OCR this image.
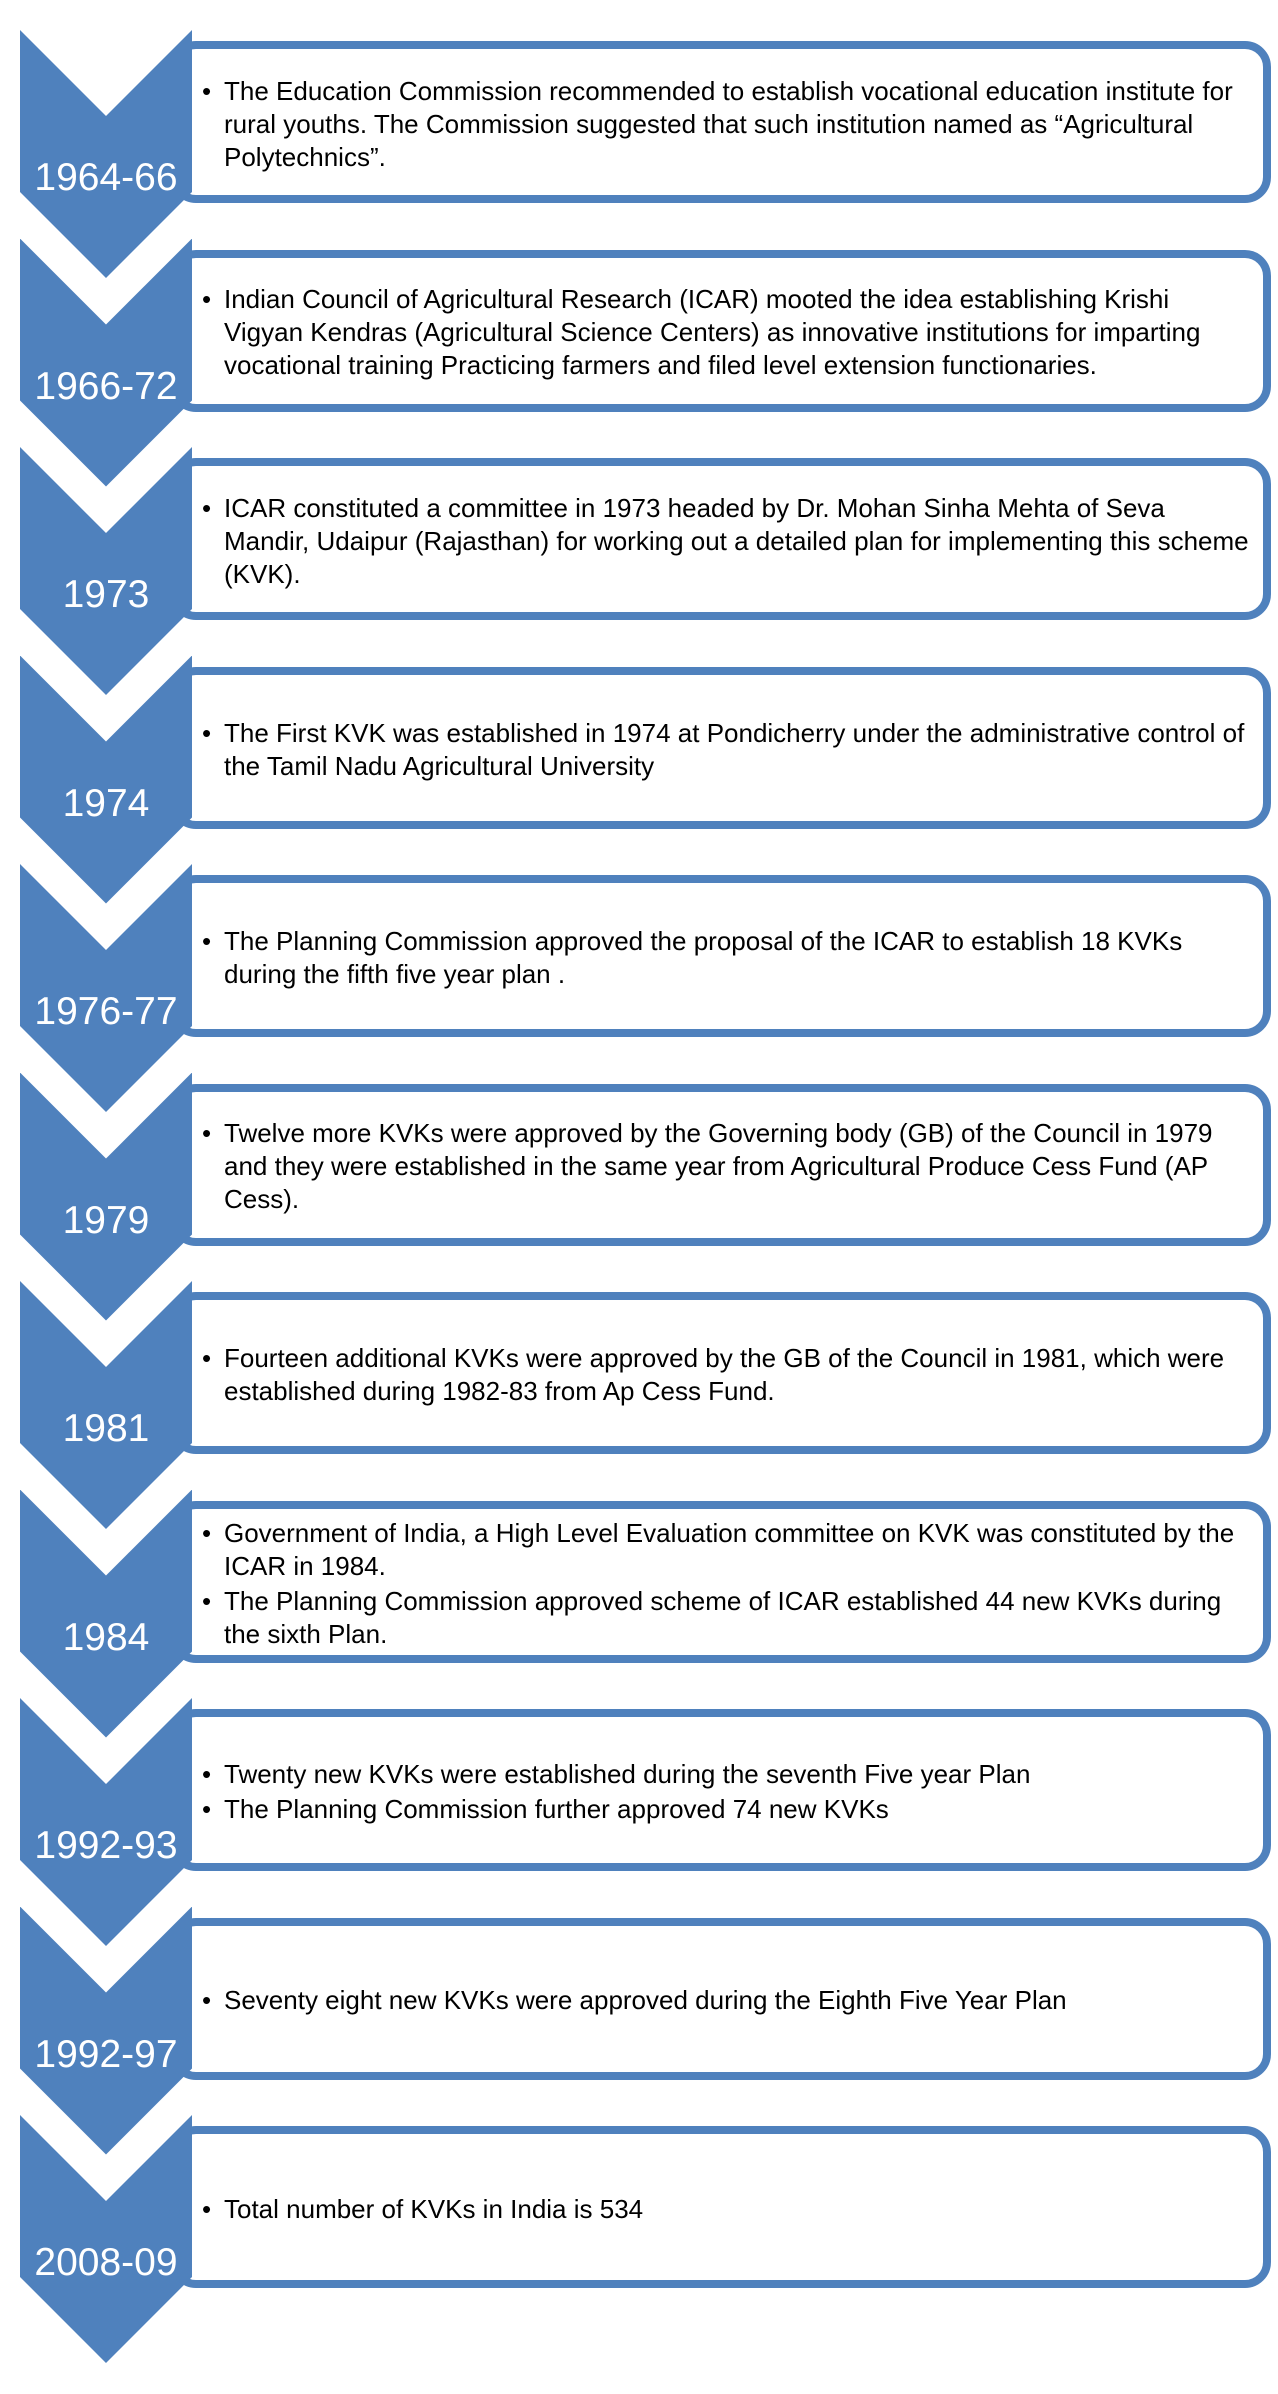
1964-66
• The Education Commission recommended to establish vocational education institute for rural youths. The Commission suggested that such institution named as “Agricultural Polytechnics”.
1966-72
• Indian Council of Agricultural Research (ICAR) mooted the idea establishing Krishi Vigyan Kendras (Agricultural Science Centers) as innovative institutions for imparting vocational training Practicing farmers and filed level extension functionaries.
1973
• ICAR constituted a committee in 1973 headed by Dr. Mohan Sinha Mehta of Seva Mandir, Udaipur (Rajasthan) for working out a detailed plan for implementing this scheme (KVK).
1974
• The First KVK was established in 1974 at Pondicherry under the administrative control of the Tamil Nadu Agricultural University
1976-77
• The Planning Commission approved the proposal of the ICAR to establish 18 KVKs during the fifth five year plan .
1979
• Twelve more KVKs were approved by the Governing body (GB) of the Council in 1979 and they were established in the same year from Agricultural Produce Cess Fund (AP Cess).
1981
• Fourteen additional KVKs were approved by the GB of the Council in 1981, which were established during 1982-83 from Ap Cess Fund.
1984
• Government of India, a High Level Evaluation committee on KVK was constituted by the ICAR in 1984.
• The Planning Commission approved scheme of ICAR established 44 new KVKs during the sixth Plan.
1992-93
• Twenty new KVKs were established during the seventh Five year Plan
• The Planning Commission further approved 74 new KVKs
1992-97
• Seventy eight new KVKs were approved during the Eighth Five Year Plan
2008-09
• Total number of KVKs in India is 534
